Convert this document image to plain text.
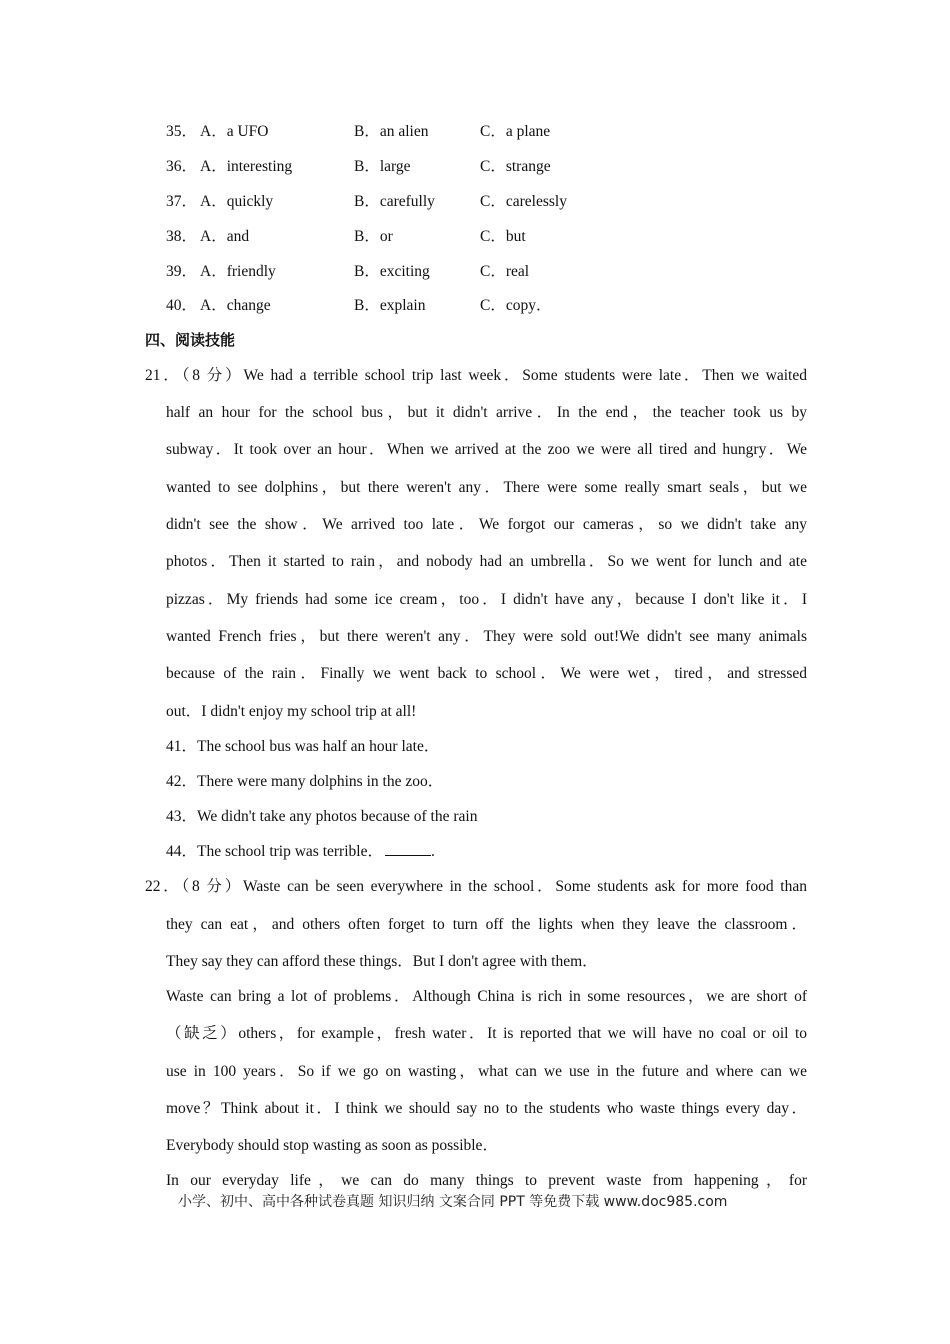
35． A．a UFO	B．an alien	C．a plane
36． A．interesting	B．large	C．strange
37． A．quickly	B．carefully	C．carelessly
38． A．and	B．or	C．but
39． A．friendly	B．exciting	C．real
40． A．change	B．explain	C．copy．
四、阅读技能
21．（8 分）We had a terrible school trip last week．Some students were late．Then we waited
half an hour for the school bus，but it didn't arrive．In the end，the teacher took us by
subway．It took over an hour．When we arrived at the zoo we were all tired and hungry．We
wanted to see dolphins，but there weren't any．There were some really smart seals，but we
didn't see the show．We arrived too late．We forgot our cameras，so we didn't take any
photos．Then it started to rain，and nobody had an umbrella．So we went for lunch and ate
pizzas．My friends had some ice cream，too．I didn't have any，because I don't like it．I
wanted French fries，but there weren't any．They were sold out!We didn't see many animals
because of the rain．Finally we went back to school．We were wet，tired，and stressed
out．I didn't enjoy my school trip at all!
41．The school bus was half an hour late．
42．There were many dolphins in the zoo．
43．We didn't take any photos because of the rain
44．The school trip was terrible．	.
22．（8 分）Waste can be seen everywhere in the school．Some students ask for more food than
they can eat，and others often forget to turn off the lights when they leave the classroom．
They say they can afford these things．But I don't agree with them．
Waste can bring a lot of problems．Although China is rich in some resources，we are short of
（缺乏）others，for example，fresh water．It is reported that we will have no coal or oil to
use in 100 years．So if we go on wasting，what can we use in the future and where can we
move？Think about it．I think we should say no to the students who waste things every day．
Everybody should stop wasting as soon as possible．
In our everyday life，we can do many things to prevent waste from happening，for
小学、初中、高中各种试卷真题 知识归纳 文案合同 PPT 等免费下载 www.doc985.com
